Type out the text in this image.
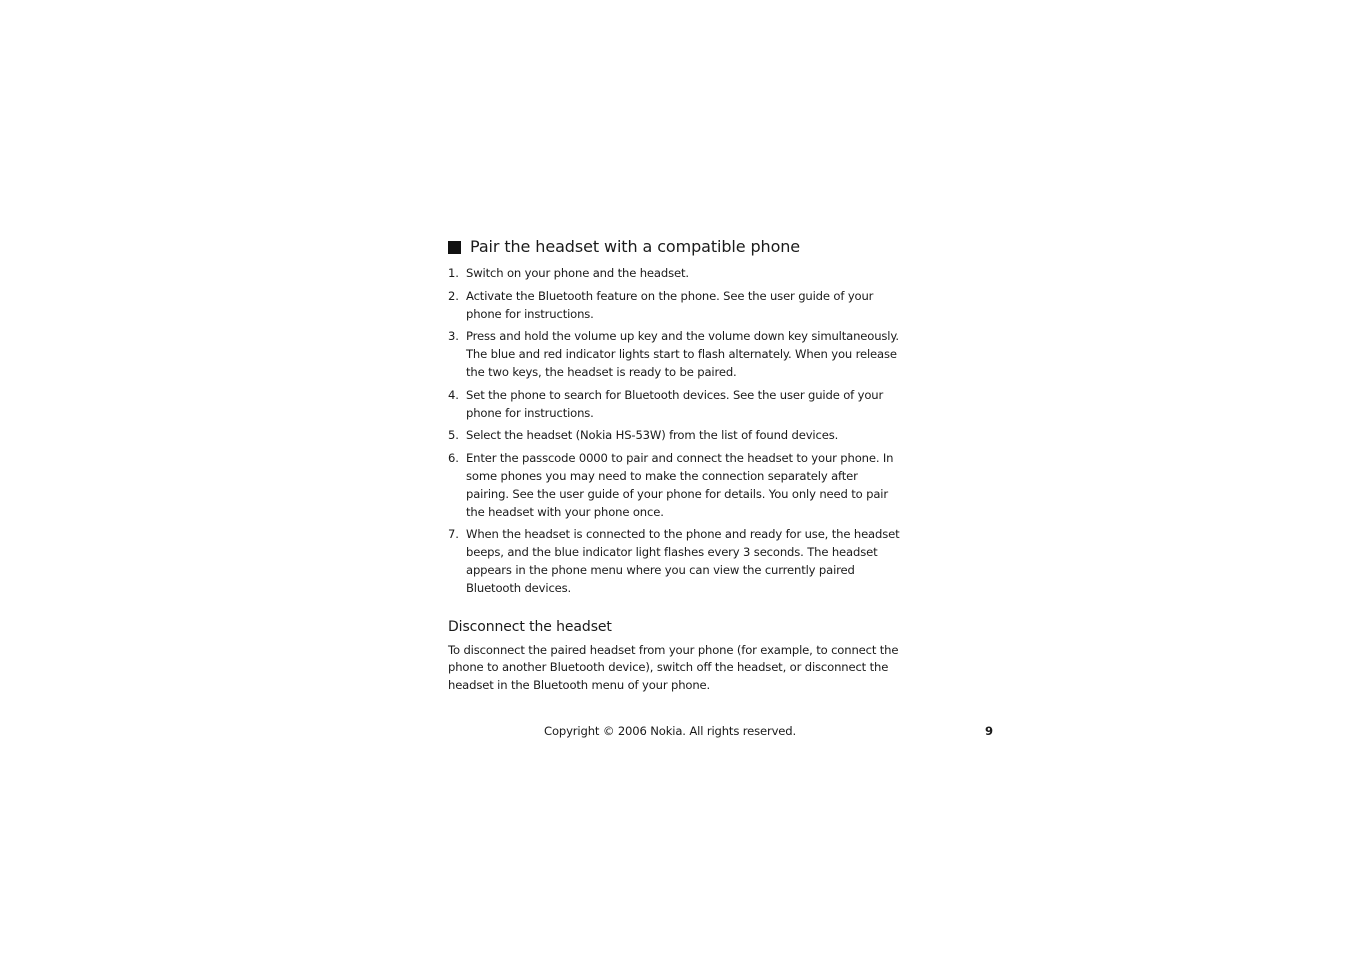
Pair the headset with a compatible phone
1. Switch on your phone and the headset.
2. Activate the Bluetooth feature on the phone. See the user guide of your phone for instructions.
3. Press and hold the volume up key and the volume down key simultaneously. The blue and red indicator lights start to flash alternately. When you release the two keys, the headset is ready to be paired.
4. Set the phone to search for Bluetooth devices. See the user guide of your phone for instructions.
5. Select the headset (Nokia HS-53W) from the list of found devices.
6. Enter the passcode 0000 to pair and connect the headset to your phone. In some phones you may need to make the connection separately after pairing. See the user guide of your phone for details. You only need to pair the headset with your phone once.
7. When the headset is connected to the phone and ready for use, the headset beeps, and the blue indicator light flashes every 3 seconds. The headset appears in the phone menu where you can view the currently paired Bluetooth devices.
Disconnect the headset

To disconnect the paired headset from your phone (for example, to connect the phone to another Bluetooth device), switch off the headset, or disconnect the headset in the Bluetooth menu of your phone.

Copyright © 2006 Nokia. All rights reserved.	9
